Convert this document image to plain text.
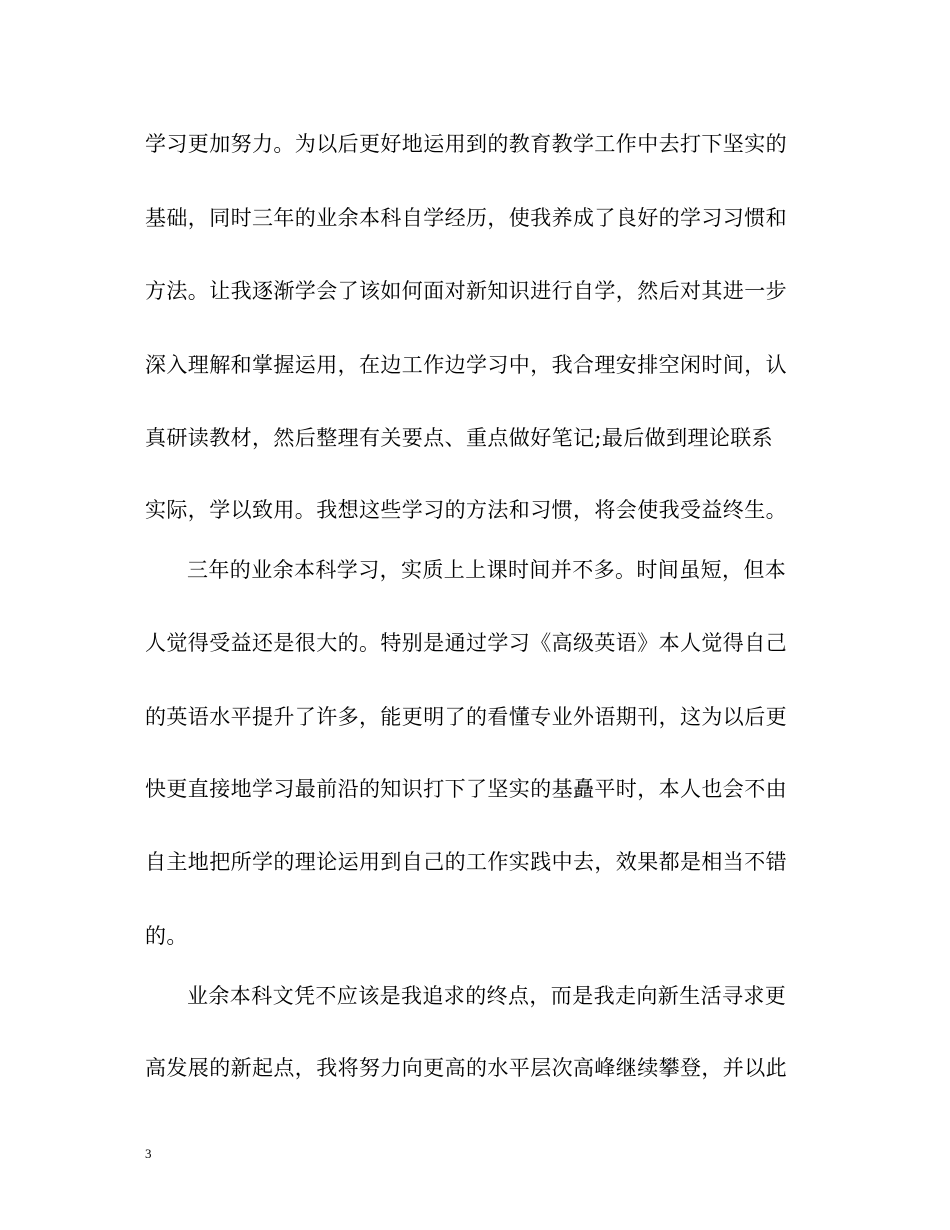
学习更加努力。为以后更好地运用到的教育教学工作中去打下坚实的
基础，同时三年的业余本科自学经历，使我养成了良好的学习习惯和
方法。让我逐渐学会了该如何面对新知识进行自学，然后对其进一步
深入理解和掌握运用，在边工作边学习中，我合理安排空闲时间，认
真研读教材，然后整理有关要点、重点做好笔记;最后做到理论联系
实际，学以致用。我想这些学习的方法和习惯，将会使我受益终生。
三年的业余本科学习，实质上上课时间并不多。时间虽短，但本
人觉得受益还是很大的。特别是通过学习《高级英语》本人觉得自己
的英语水平提升了许多，能更明了的看懂专业外语期刊，这为以后更
快更直接地学习最前沿的知识打下了坚实的基矗平时，本人也会不由
自主地把所学的理论运用到自己的工作实践中去，效果都是相当不错
的。
业余本科文凭不应该是我追求的终点，而是我走向新生活寻求更
高发展的新起点，我将努力向更高的水平层次高峰继续攀登，并以此
3
